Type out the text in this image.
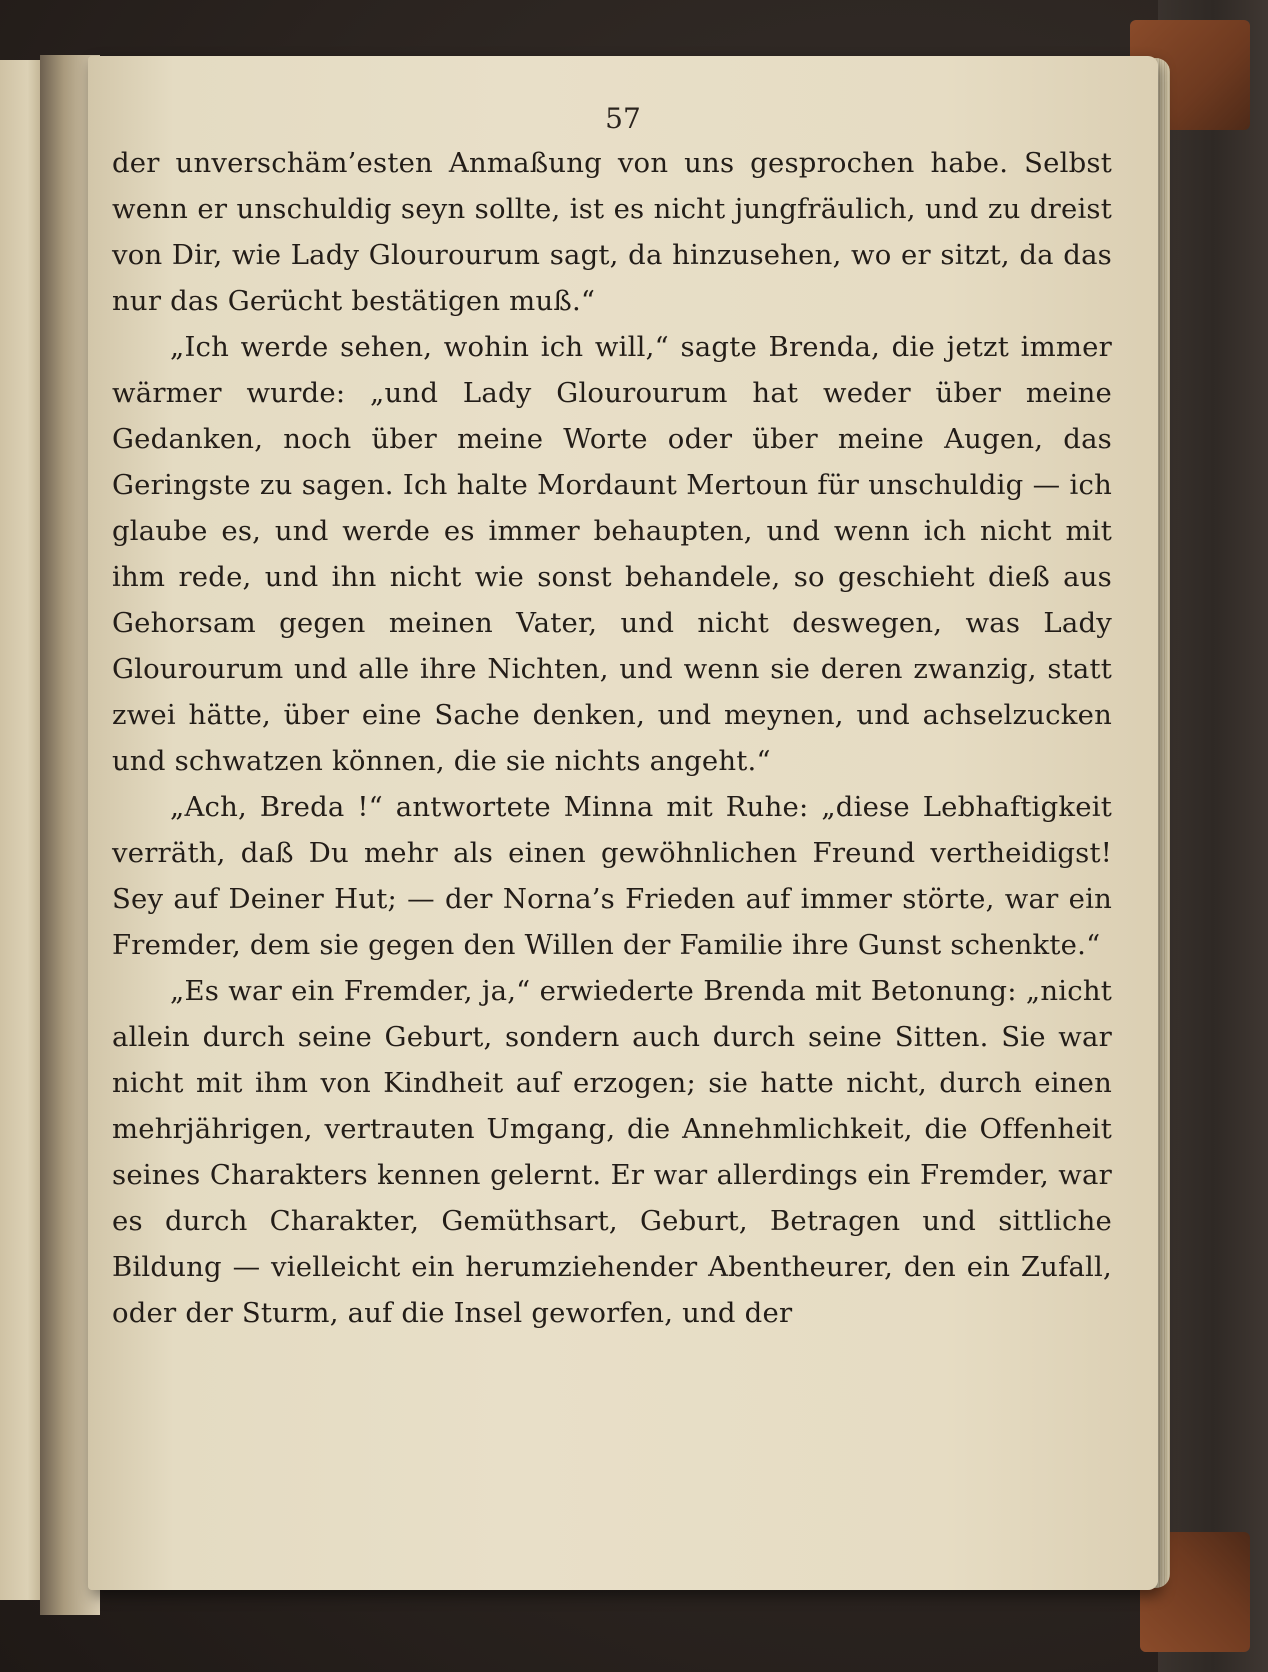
57

der unverschäm’esten Anmaßung von uns gesprochen habe. Selbst wenn er unschuldig seyn sollte, ist es nicht jungfräulich, und zu dreist von Dir, wie Lady Glourourum sagt, da hinzusehen, wo er sitzt, da das nur das Gerücht bestätigen muß.“

„Ich werde sehen, wohin ich will,“ sagte Brenda, die jetzt immer wärmer wurde: „und Lady Glourourum hat weder über meine Gedanken, noch über meine Worte oder über meine Augen, das Geringste zu sagen. Ich halte Mordaunt Mertoun für unschuldig — ich glaube es, und werde es immer behaupten, und wenn ich nicht mit ihm rede, und ihn nicht wie sonst behandele, so geschieht dieß aus Gehorsam gegen meinen Vater, und nicht deswegen, was Lady Glourourum und alle ihre Nichten, und wenn sie deren zwanzig, statt zwei hätte, über eine Sache denken, und meynen, und achselzucken und schwatzen können, die sie nichts angeht.“

„Ach, Breda !“ antwortete Minna mit Ruhe: „diese Lebhaftigkeit verräth, daß Du mehr als einen gewöhnlichen Freund vertheidigst! Sey auf Deiner Hut; — der Norna’s Frieden auf immer störte, war ein Fremder, dem sie gegen den Willen der Familie ihre Gunst schenkte.“

„Es war ein Fremder, ja,“ erwiederte Brenda mit Betonung: „nicht allein durch seine Geburt, sondern auch durch seine Sitten. Sie war nicht mit ihm von Kindheit auf erzogen; sie hatte nicht, durch einen mehrjährigen, vertrauten Umgang, die Annehmlichkeit, die Offenheit seines Charakters kennen gelernt. Er war allerdings ein Fremder, war es durch Charakter, Gemüthsart, Geburt, Betragen und sittliche Bildung — vielleicht ein herumziehender Abentheurer, den ein Zufall, oder der Sturm, auf die Insel geworfen, und der
